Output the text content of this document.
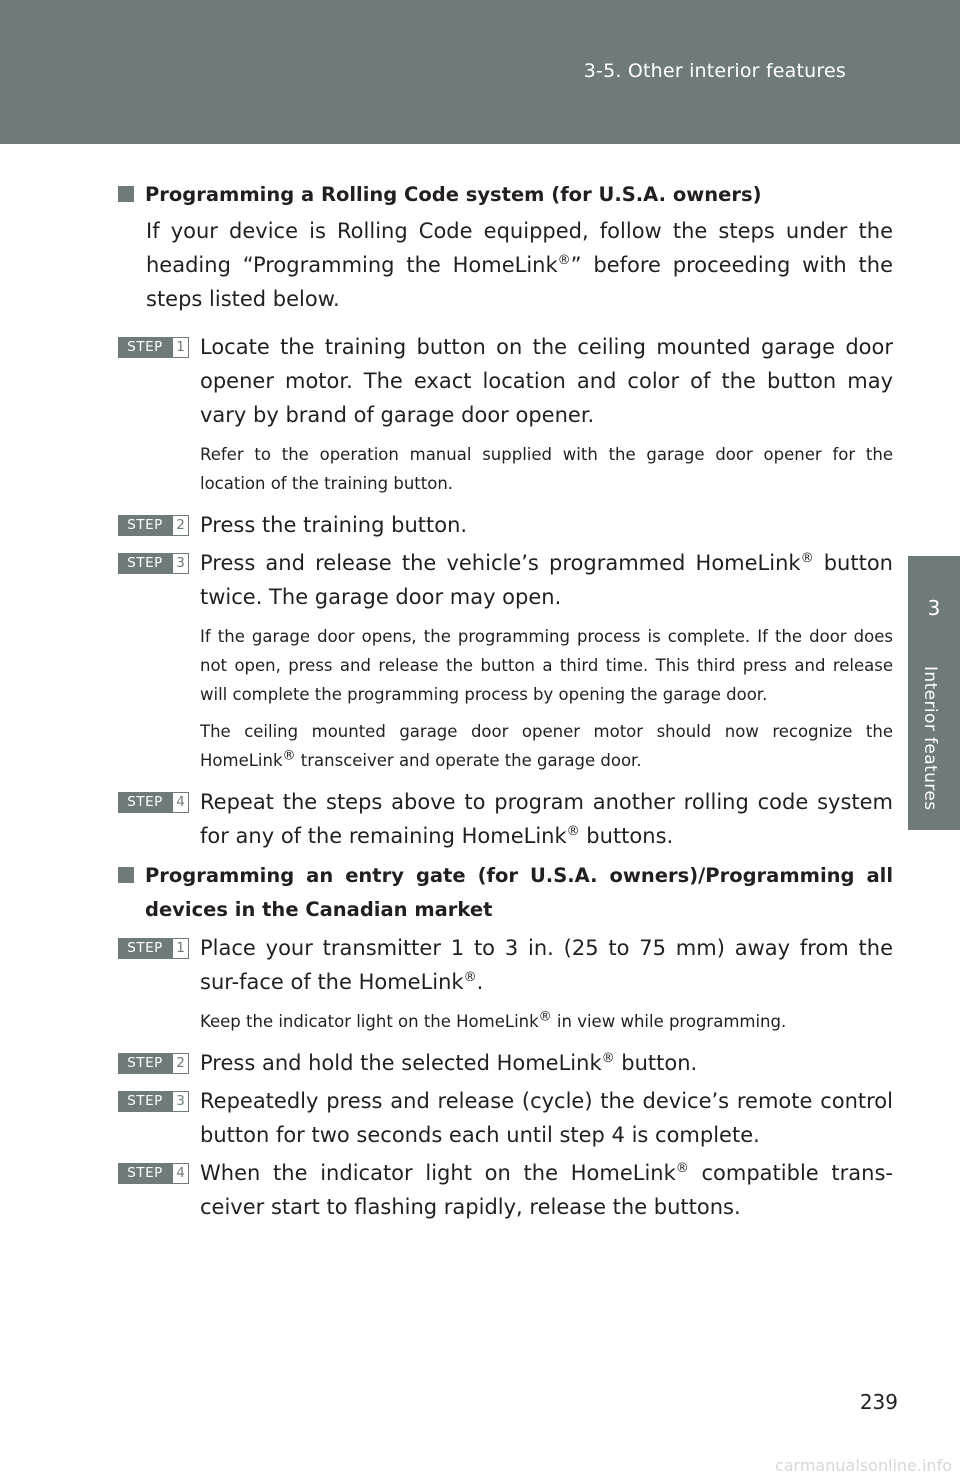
3-5. Other interior features
3
Interior features
Programming a Rolling Code system (for U.S.A. owners)
If your device is Rolling Code equipped, follow the steps under the heading “Programming the HomeLink®” before proceeding with the steps listed below.
STEP 1 Locate the training button on the ceiling mounted garage door opener motor. The exact location and color of the button may vary by brand of garage door opener.
Refer to the operation manual supplied with the garage door opener for the location of the training button.
STEP 2 Press the training button.
STEP 3 Press and release the vehicle’s programmed HomeLink® button twice. The garage door may open.
If the garage door opens, the programming process is complete. If the door does not open, press and release the button a third time. This third press and release will complete the programming process by opening the garage door.
The ceiling mounted garage door opener motor should now recognize the HomeLink® transceiver and operate the garage door.
STEP 4 Repeat the steps above to program another rolling code system for any of the remaining HomeLink® buttons.
Programming an entry gate (for U.S.A. owners)/Programming all devices in the Canadian market
STEP 1 Place your transmitter 1 to 3 in. (25 to 75 mm) away from the sur-face of the HomeLink®.
Keep the indicator light on the HomeLink® in view while programming.
STEP 2 Press and hold the selected HomeLink® button.
STEP 3 Repeatedly press and release (cycle) the device’s remote control button for two seconds each until step 4 is complete.
STEP 4 When the indicator light on the HomeLink® compatible trans-ceiver start to flashing rapidly, release the buttons.
239
carmanualsonline.info
